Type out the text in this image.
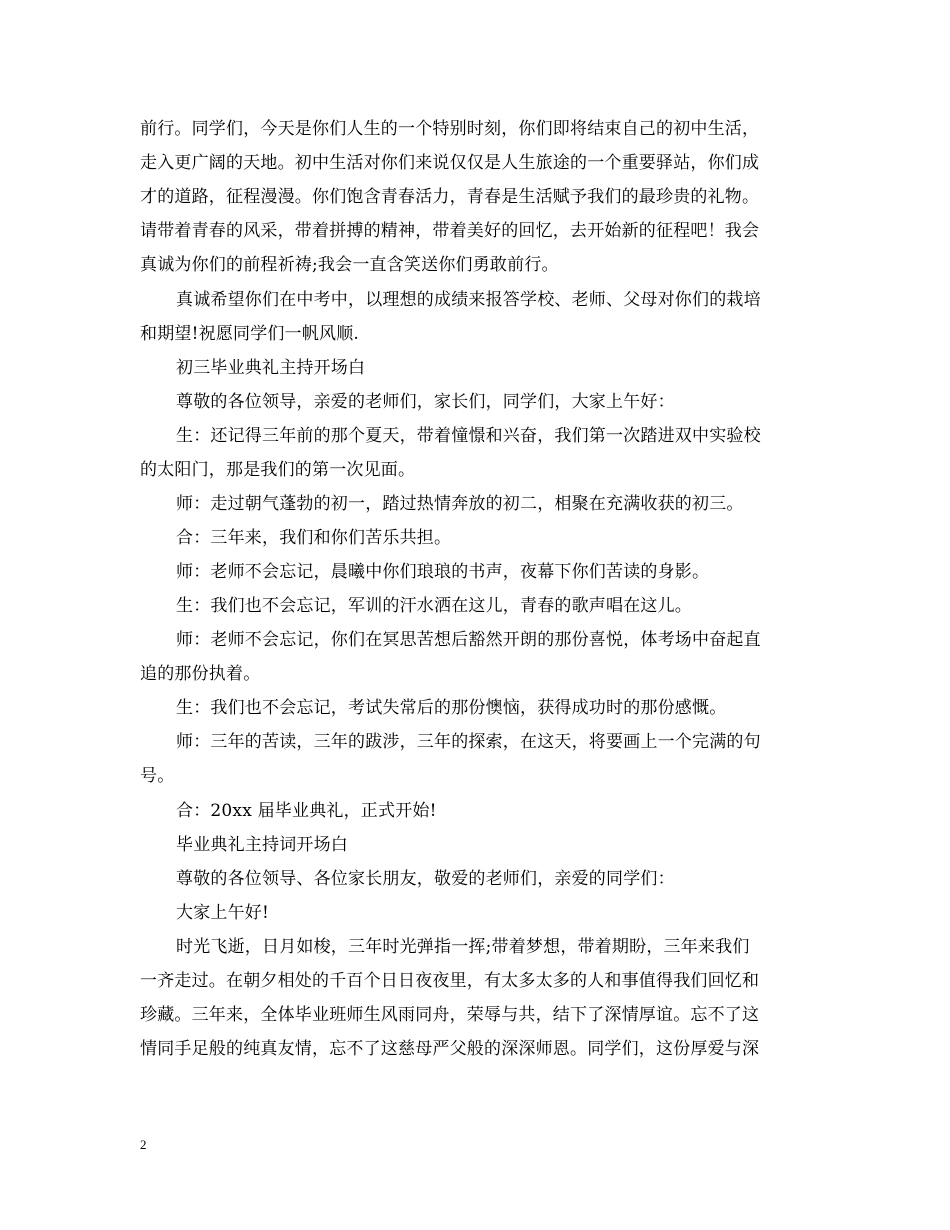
前行。同学们，今天是你们人生的一个特别时刻，你们即将结束自己的初中生活，
走入更广阔的天地。初中生活对你们来说仅仅是人生旅途的一个重要驿站，你们成
才的道路，征程漫漫。你们饱含青春活力，青春是生活赋予我们的最珍贵的礼物。
请带着青春的风采，带着拼搏的精神，带着美好的回忆，去开始新的征程吧！我会
真诚为你们的前程祈祷;我会一直含笑送你们勇敢前行。
真诚希望你们在中考中，以理想的成绩来报答学校、老师、父母对你们的栽培
和期望!祝愿同学们一帆风顺.
初三毕业典礼主持开场白
尊敬的各位领导，亲爱的老师们，家长们，同学们，大家上午好：
生：还记得三年前的那个夏天，带着憧憬和兴奋，我们第一次踏进双中实验校
的太阳门，那是我们的第一次见面。
师：走过朝气蓬勃的初一，踏过热情奔放的初二，相聚在充满收获的初三。
合：三年来，我们和你们苦乐共担。
师：老师不会忘记，晨曦中你们琅琅的书声，夜幕下你们苦读的身影。
生：我们也不会忘记，军训的汗水洒在这儿，青春的歌声唱在这儿。
师：老师不会忘记，你们在冥思苦想后豁然开朗的那份喜悦，体考场中奋起直
追的那份执着。
生：我们也不会忘记，考试失常后的那份懊恼，获得成功时的那份感慨。
师：三年的苦读，三年的跋涉，三年的探索，在这天，将要画上一个完满的句
号。
合：20xx 届毕业典礼，正式开始!
毕业典礼主持词开场白
尊敬的各位领导、各位家长朋友，敬爱的老师们，亲爱的同学们：
大家上午好!
时光飞逝，日月如梭，三年时光弹指一挥;带着梦想，带着期盼，三年来我们
一齐走过。在朝夕相处的千百个日日夜夜里，有太多太多的人和事值得我们回忆和
珍藏。三年来，全体毕业班师生风雨同舟，荣辱与共，结下了深情厚谊。忘不了这
情同手足般的纯真友情，忘不了这慈母严父般的深深师恩。同学们，这份厚爱与深
2
